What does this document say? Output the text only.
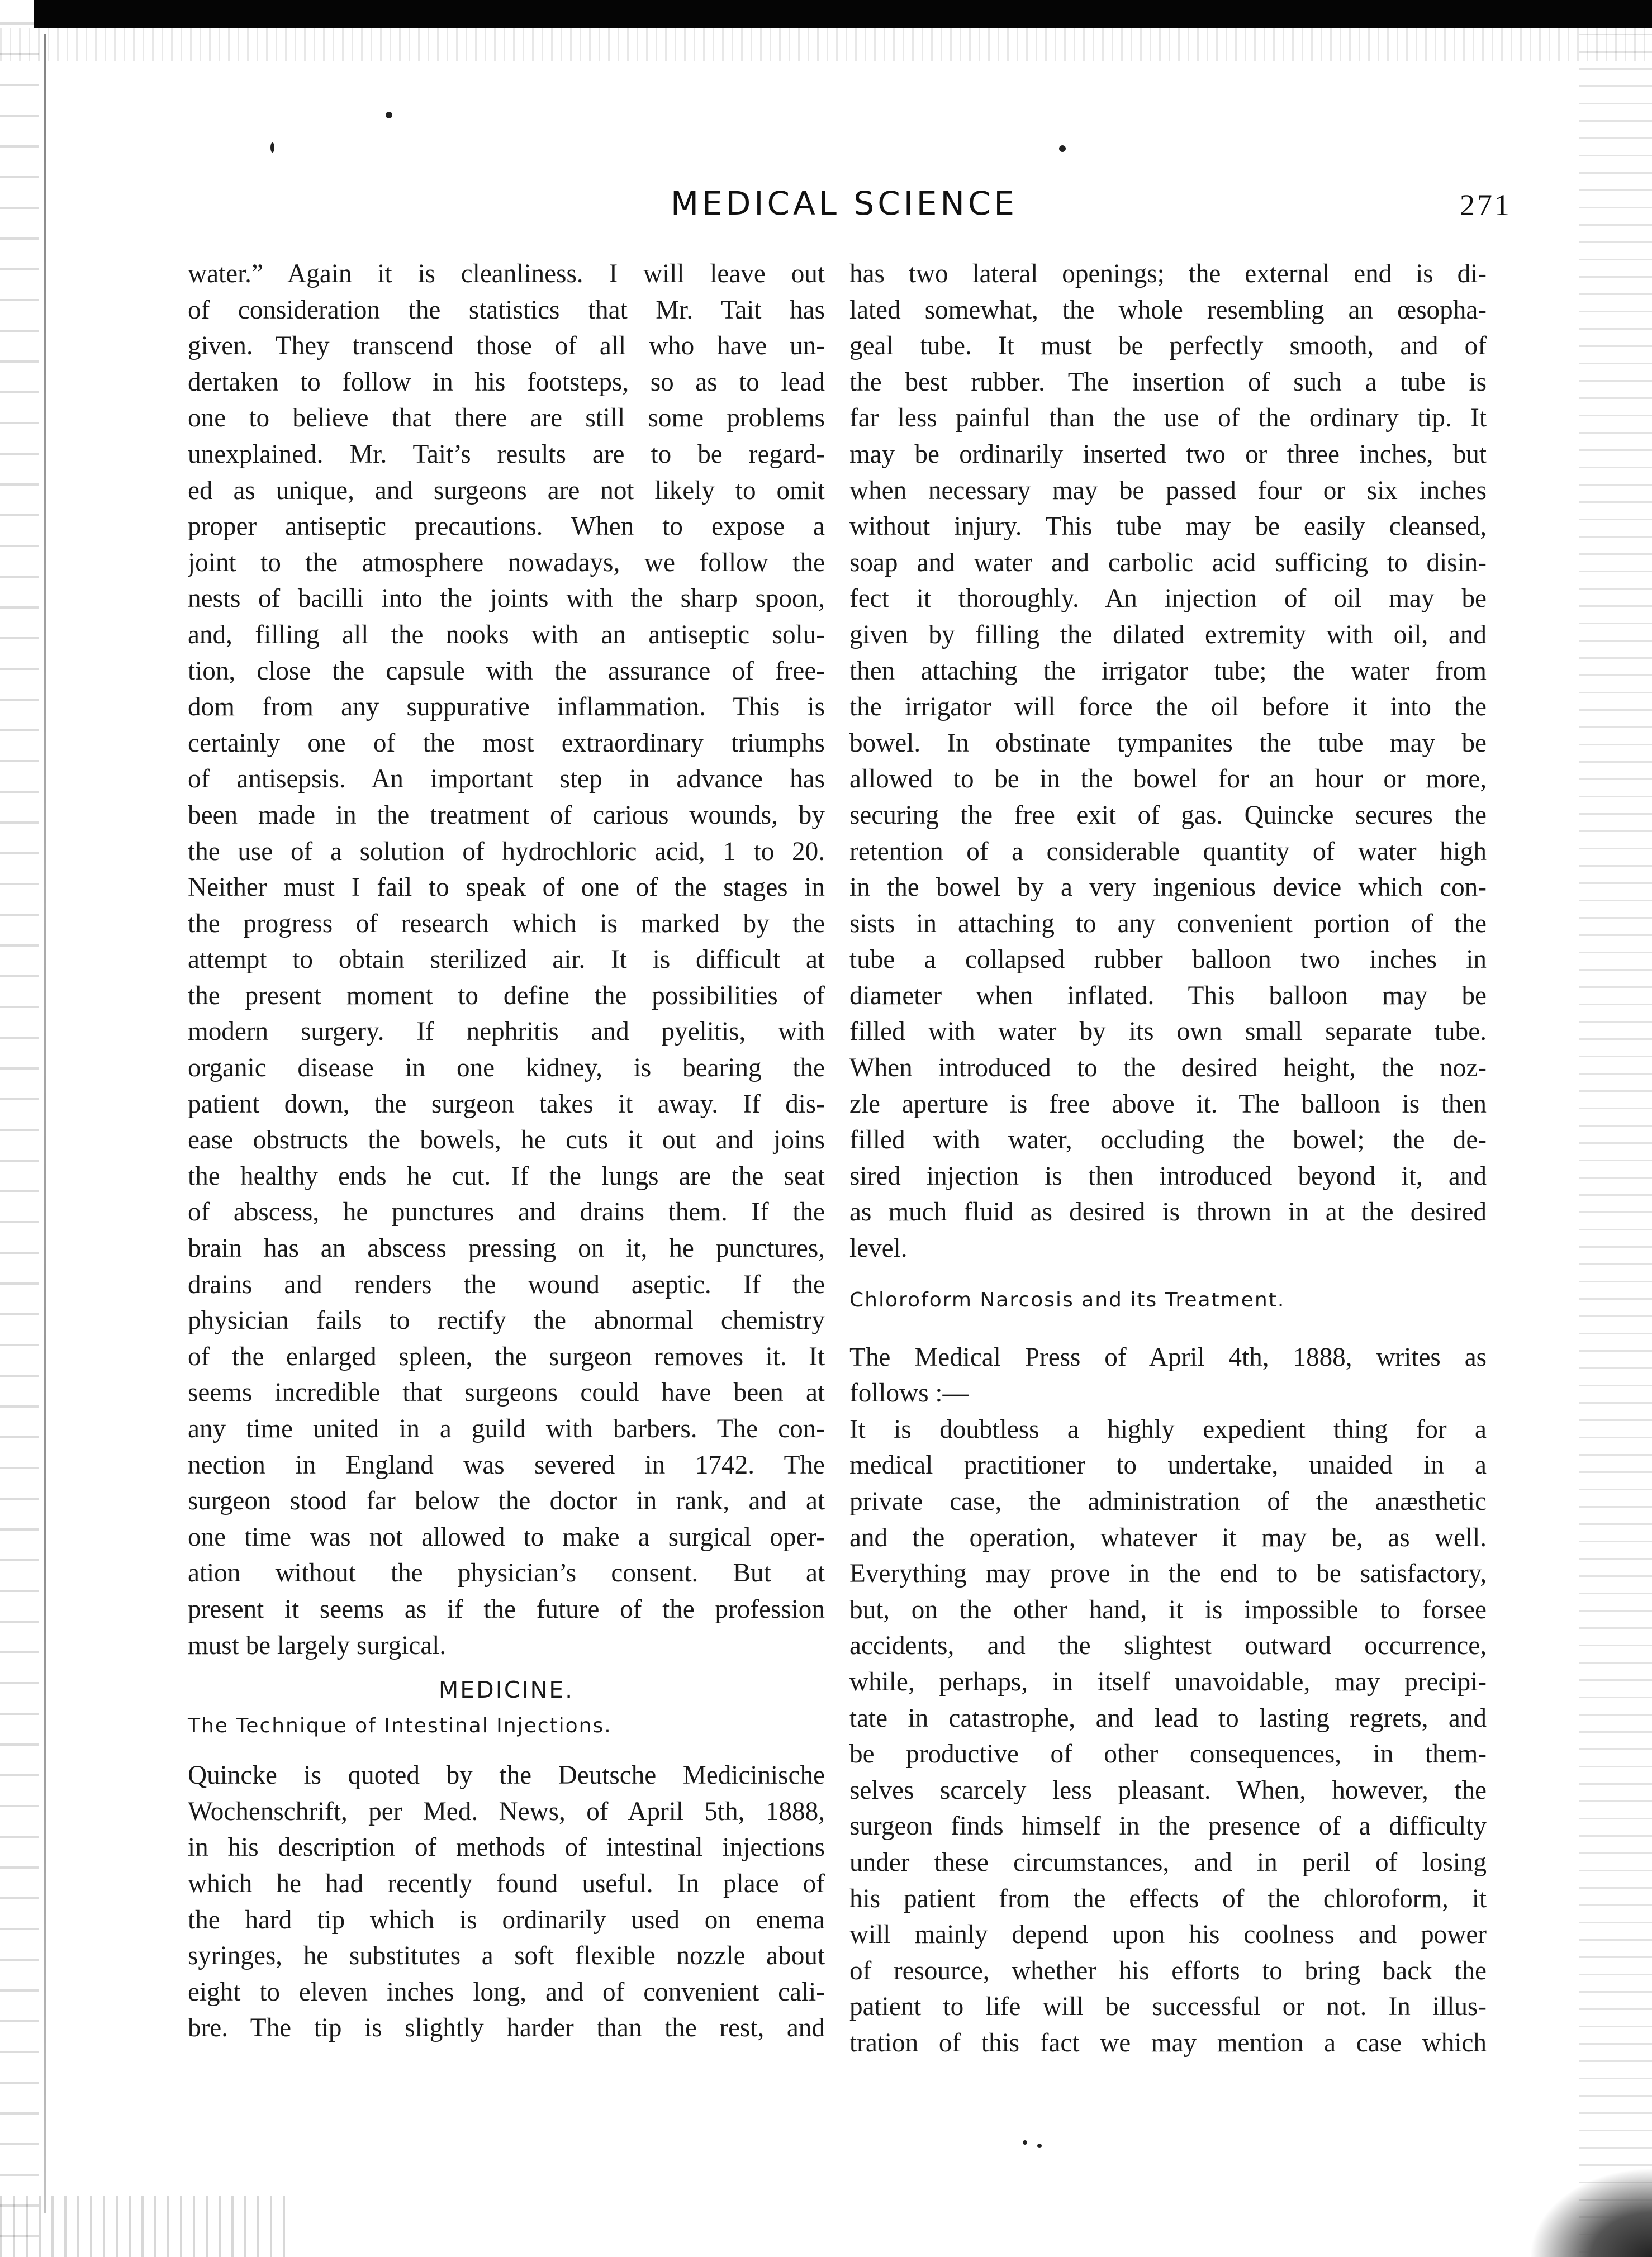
MEDICAL SCIENCE	271
water.” Again it is cleanliness. I will leave out
of consideration the statistics that Mr. Tait has
given. They transcend those of all who have un-
dertaken to follow in his footsteps, so as to lead
one to believe that there are still some problems
unexplained. Mr. Tait’s results are to be regard-
ed as unique, and surgeons are not likely to omit
proper antiseptic precautions. When to expose a
joint to the atmosphere nowadays, we follow the
nests of bacilli into the joints with the sharp spoon,
and, filling all the nooks with an antiseptic solu-
tion, close the capsule with the assurance of free-
dom from any suppurative inflammation. This is
certainly one of the most extraordinary triumphs
of antisepsis. An important step in advance has
been made in the treatment of carious wounds, by
the use of a solution of hydrochloric acid, 1 to 20.
Neither must I fail to speak of one of the stages in
the progress of research which is marked by the
attempt to obtain sterilized air. It is difficult at
the present moment to define the possibilities of
modern surgery. If nephritis and pyelitis, with
organic disease in one kidney, is bearing the
patient down, the surgeon takes it away. If dis-
ease obstructs the bowels, he cuts it out and joins
the healthy ends he cut. If the lungs are the seat
of abscess, he punctures and drains them. If the
brain has an abscess pressing on it, he punctures,
drains and renders the wound aseptic. If the
physician fails to rectify the abnormal chemistry
of the enlarged spleen, the surgeon removes it. It
seems incredible that surgeons could have been at
any time united in a guild with barbers. The con-
nection in England was severed in 1742. The
surgeon stood far below the doctor in rank, and at
one time was not allowed to make a surgical oper-
ation without the physician’s consent. But at
present it seems as if the future of the profession
must be largely surgical.
MEDICINE.
The Technique of Intestinal Injections.
Quincke is quoted by the Deutsche Medicinische
Wochenschrift, per Med. News, of April 5th, 1888,
in his description of methods of intestinal injections
which he had recently found useful. In place of
the hard tip which is ordinarily used on enema
syringes, he substitutes a soft flexible nozzle about
eight to eleven inches long, and of convenient cali-
bre. The tip is slightly harder than the rest, and
has two lateral openings; the external end is di-
lated somewhat, the whole resembling an œsopha-
geal tube. It must be perfectly smooth, and of
the best rubber. The insertion of such a tube is
far less painful than the use of the ordinary tip. It
may be ordinarily inserted two or three inches, but
when necessary may be passed four or six inches
without injury. This tube may be easily cleansed,
soap and water and carbolic acid sufficing to disin-
fect it thoroughly. An injection of oil may be
given by filling the dilated extremity with oil, and
then attaching the irrigator tube; the water from
the irrigator will force the oil before it into the
bowel. In obstinate tympanites the tube may be
allowed to be in the bowel for an hour or more,
securing the free exit of gas. Quincke secures the
retention of a considerable quantity of water high
in the bowel by a very ingenious device which con-
sists in attaching to any convenient portion of the
tube a collapsed rubber balloon two inches in
diameter when inflated. This balloon may be
filled with water by its own small separate tube.
When introduced to the desired height, the noz-
zle aperture is free above it. The balloon is then
filled with water, occluding the bowel; the de-
sired injection is then introduced beyond it, and
as much fluid as desired is thrown in at the desired
level.
Chloroform Narcosis and its Treatment.
The Medical Press of April 4th, 1888, writes as
follows :—
It is doubtless a highly expedient thing for a
medical practitioner to undertake, unaided in a
private case, the administration of the anæsthetic
and the operation, whatever it may be, as well.
Everything may prove in the end to be satisfactory,
but, on the other hand, it is impossible to forsee
accidents, and the slightest outward occurrence,
while, perhaps, in itself unavoidable, may precipi-
tate in catastrophe, and lead to lasting regrets, and
be productive of other consequences, in them-
selves scarcely less pleasant. When, however, the
surgeon finds himself in the presence of a difficulty
under these circumstances, and in peril of losing
his patient from the effects of the chloroform, it
will mainly depend upon his coolness and power
of resource, whether his efforts to bring back the
patient to life will be successful or not. In illus-
tration of this fact we may mention a case which
